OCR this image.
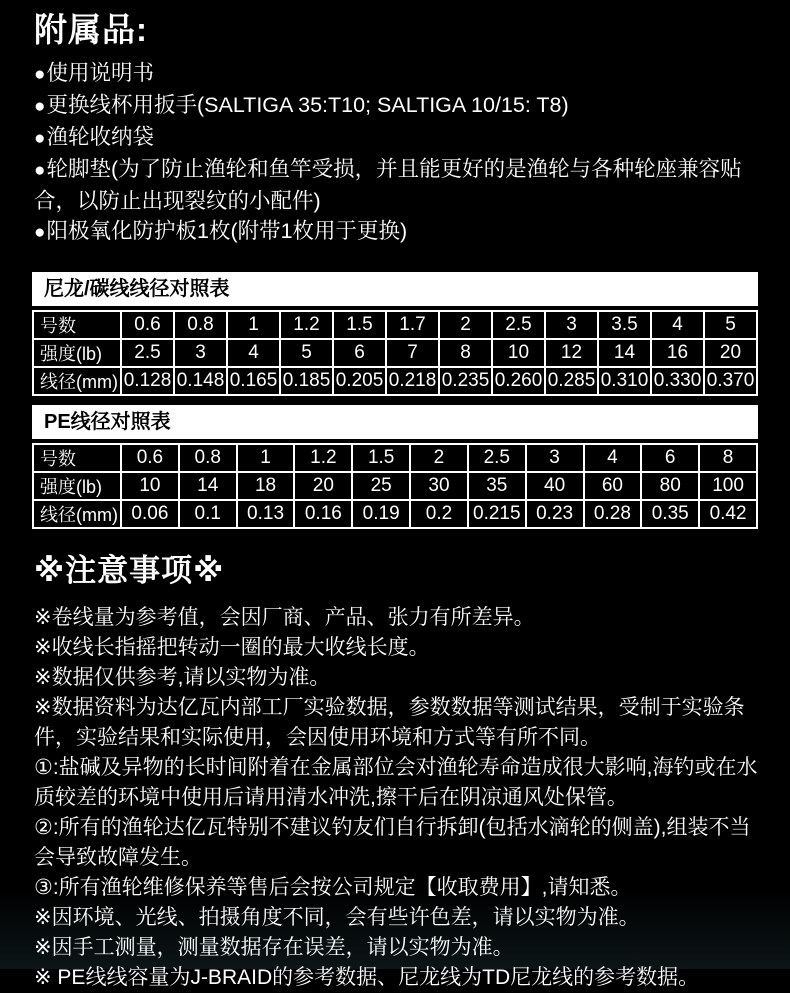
附属品:
●使用说明书
●更换线杯用扳手(SALTIGA 35:T10; SALTIGA 10/15: T8)
●渔轮收纳袋
●轮脚垫(为了防止渔轮和鱼竿受损，并且能更好的是渔轮与各种轮座兼容贴合，以防止出现裂纹的小配件)
●阳极氧化防护板1枚(附带1枚用于更换)
尼龙/碳线线径对照表
号数	0.6	0.8	1	1.2	1.5	1.7	2	2.5	3	3.5	4	5
强度(lb)	2.5	3	4	5	6	7	8	10	12	14	16	20
线径(mm)	0.128	0.148	0.165	0.185	0.205	0.218	0.235	0.260	0.285	0.310	0.330	0.370
PE线径对照表
号数	0.6	0.8	1	1.2	1.5	2	2.5	3	4	6	8
强度(lb)	10	14	18	20	25	30	35	40	60	80	100
线径(mm)	0.06	0.1	0.13	0.16	0.19	0.2	0.215	0.23	0.28	0.35	0.42
※注意事项※
※卷线量为参考值，会因厂商、产品、张力有所差异。
※收线长指摇把转动一圈的最大收线长度。
※数据仅供参考,请以实物为准。
※数据资料为达亿瓦内部工厂实验数据，参数数据等测试结果，受制于实验条件，实验结果和实际使用，会因使用环境和方式等有所不同。
①:盐碱及异物的长时间附着在金属部位会对渔轮寿命造成很大影响,海钓或在水质较差的环境中使用后请用清水冲洗,擦干后在阴凉通风处保管。
②:所有的渔轮达亿瓦特别不建议钓友们自行拆卸(包括水滴轮的侧盖),组装不当会导致故障发生。
③:所有渔轮维修保养等售后会按公司规定【收取费用】,请知悉。
※因环境、光线、拍摄角度不同，会有些许色差，请以实物为准。
※因手工测量，测量数据存在误差，请以实物为准。
※ PE线线容量为J-BRAID的参考数据、尼龙线为TD尼龙线的参考数据。
